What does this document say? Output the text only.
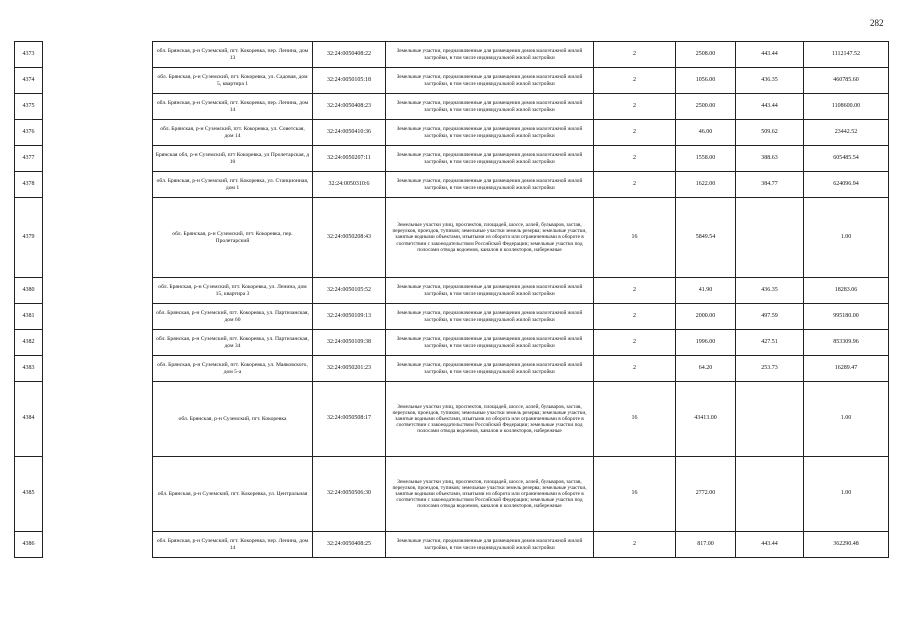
282
4373		обл. Брянская, р-н Суземский, пгт. Кокоревка, пер. Ленина, дом 13	32:24:0050408:22	Земельные участки, предназначенные для размещения домов малоэтажной жилой застройки, в том числе индивидуальной жилой застройки	2	2508.00	443.44	1112147.52
4374		обл. Брянская, р-н Суземский, пгт. Кокоревка, ул. Садовая, дом 5, квартира 1	32:24:0050105:18	Земельные участки, предназначенные для размещения домов малоэтажной жилой застройки, в том числе индивидуальной жилой застройки	2	1056.00	436.35	460785.60
4375		обл. Брянская, р-н Суземский, пгт. Кокоревка, пер. Ленина, дом 14	32:24:0050408:23	Земельные участки, предназначенные для размещения домов малоэтажной жилой застройки, в том числе индивидуальной жилой застройки	2	2500.00	443.44	1108600.00
4376		обл. Брянская, р-н Суземский, пгт. Кокоревка, ул. Советская, дом 14	32:24:0050410:36	Земельные участки, предназначенные для размещения домов малоэтажной жилой застройки, в том числе индивидуальной жилой застройки	2	46.00	509.62	23442.52
4377		Брянская обл, р-н Суземский, пгт Кокоревка, ул Пролетарская, д 10	32:24:0050207:11	Земельные участки, предназначенные для размещения домов малоэтажной жилой застройки, в том числе индивидуальной жилой застройки	2	1558.00	388.63	605485.54
4378		обл. Брянская, р-н Суземский, пгт. Кокоревка, ул. Станционная, дом 1	32:24:0050310:6	Земельные участки, предназначенные для размещения домов малоэтажной жилой застройки, в том числе индивидуальной жилой застройки	2	1622.00	384.77	624096.94
4379		обл. Брянская, р-н Суземский, пгт. Кокоревка, пер. Пролетарский	32:24:0050208:43	Земельные участки улиц, проспектов, площадей, шоссе, аллей, бульваров, застав, переулков, проездов, тупиков; земельные участки земель резерва; земельные участки, занятые водными объектами, изъятыми из оборота или ограниченными в обороте в соответствии с законодательством Российской Федерации; земельные участки под полосами отвода водоемов, каналов и коллекторов, набережные	16	5849.54		1.00
4380		обл. Брянская, р-н Суземский, пгт. Кокоревка, ул. Ленина, дом 15, квартира 3	32:24:0050105:52	Земельные участки, предназначенные для размещения домов малоэтажной жилой застройки, в том числе индивидуальной жилой застройки	2	41.90	436.35	18283.06
4381		обл. Брянская, р-н Суземский, пгт. Кокоревка, ул. Партизанская, дом 60	32:24:0050109:13	Земельные участки, предназначенные для размещения домов малоэтажной жилой застройки, в том числе индивидуальной жилой застройки	2	2000.00	497.59	995180.00
4382		обл. Брянская, р-н Суземский, пгт. Кокоревка, ул. Партизанская, дом 34	32:24:0050109:38	Земельные участки, предназначенные для размещения домов малоэтажной жилой застройки, в том числе индивидуальной жилой застройки	2	1996.00	427.51	853309.96
4383		обл. Брянская, р-н Суземский, пгт. Кокоревка, ул. Маяковского, дом 5-а	32:24:0050201:23	Земельные участки, предназначенные для размещения домов малоэтажной жилой застройки, в том числе индивидуальной жилой застройки	2	64.20	253.73	16289.47
4384		обл. Брянская, р-н Суземский, пгт. Кокоревка	32:24:0050508:17	Земельные участки улиц, проспектов, площадей, шоссе, аллей, бульваров, застав, переулков, проездов, тупиков; земельные участки земель резерва; земельные участки, занятые водными объектами, изъятыми из оборота или ограниченными в обороте в соответствии с законодательством Российской Федерации; земельные участки под полосами отвода водоемов, каналов и коллекторов, набережные	16	43413.00		1.00
4385		обл. Брянская, р-н Суземский, пгт. Кокоревка, ул. Центральная	32:24:0050506:30	Земельные участки улиц, проспектов, площадей, шоссе, аллей, бульваров, застав, переулков, проездов, тупиков; земельные участки земель резерва; земельные участки, занятые водными объектами, изъятыми из оборота или ограниченными в обороте в соответствии с законодательством Российской Федерации; земельные участки под полосами отвода водоемов, каналов и коллекторов, набережные	16	2772.00		1.00
4386		обл. Брянская, р-н Суземский, пгт. Кокоревка, пер. Ленина, дом 14	32:24:0050408:25	Земельные участки, предназначенные для размещения домов малоэтажной жилой застройки, в том числе индивидуальной жилой застройки	2	817.00	443.44	362290.48
